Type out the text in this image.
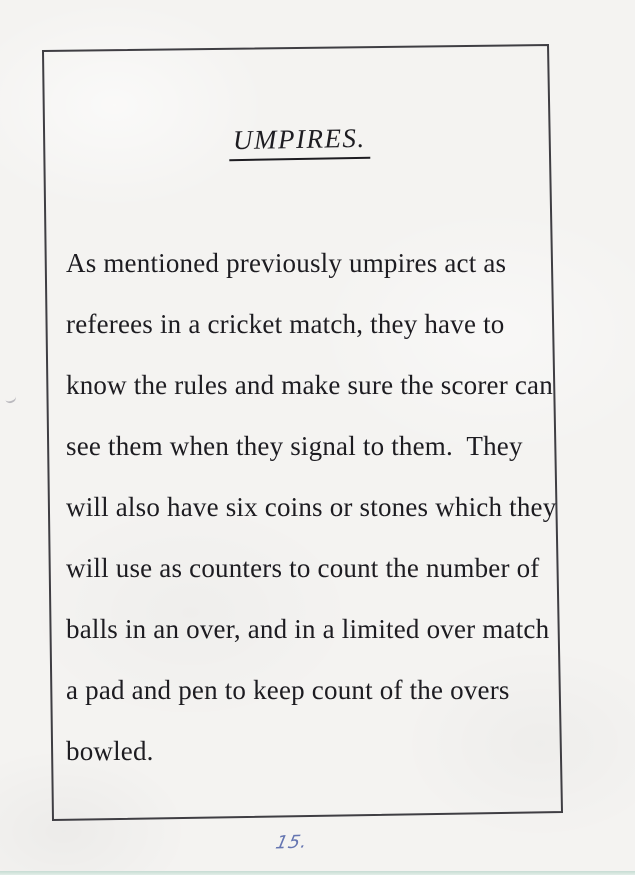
UMPIRES.
As mentioned previously umpires act as
referees in a cricket match, they have to
know the rules and make sure the scorer can
see them when they signal to them.  They
will also have six coins or stones which they
will use as counters to count the number of
balls in an over, and in a limited over match
a pad and pen to keep count of the overs
bowled.
15.
